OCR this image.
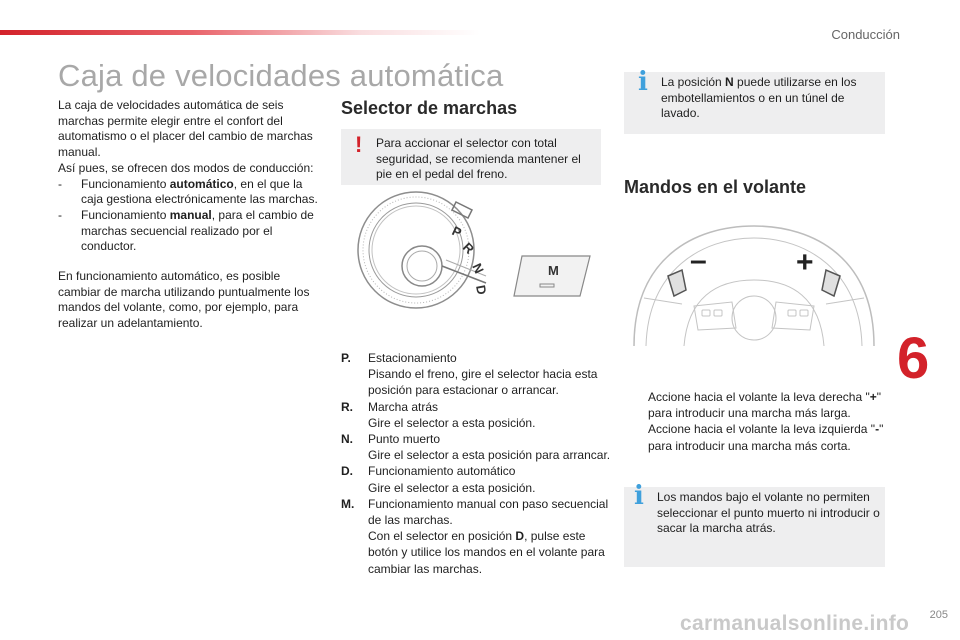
Conducción
Caja de velocidades automática

La caja de velocidades automática de seis marchas permite elegir entre el confort del automatismo o el placer del cambio de marchas manual.

Así pues, se ofrecen dos modos de conducción:

- Funcionamiento automático, en el que la caja gestiona electrónicamente las marchas.
- Funcionamiento manual, para el cambio de marchas secuencial realizado por el conductor.

En funcionamiento automático, es posible cambiar de marcha utilizando puntualmente los mandos del volante, como, por ejemplo, para realizar un adelantamiento.

Selector de marchas
! Para accionar el selector con total seguridad, se recomienda mantener el pie en el pedal del freno.
P
R
N
D
M
P. Estacionamiento
Pisando el freno, gire el selector hacia esta posición para estacionar o arrancar.
R. Marcha atrás
Gire el selector a esta posición.
N. Punto muerto
Gire el selector a esta posición para arrancar.
D. Funcionamiento automático
Gire el selector a esta posición.
M. Funcionamiento manual con paso secuencial de las marchas.
Con el selector en posición D, pulse este botón y utilice los mandos en el volante para cambiar las marchas.
i La posición N puede utilizarse en los embotellamientos o en un túnel de lavado.
Mandos en el volante
–	+
Accione hacia el volante la leva derecha "+" para introducir una marcha más larga.
Accione hacia el volante la leva izquierda "-" para introducir una marcha más corta.
i Los mandos bajo el volante no permiten seleccionar el punto muerto ni introducir o sacar la marcha atrás.
6
carmanualsonline.info	205
